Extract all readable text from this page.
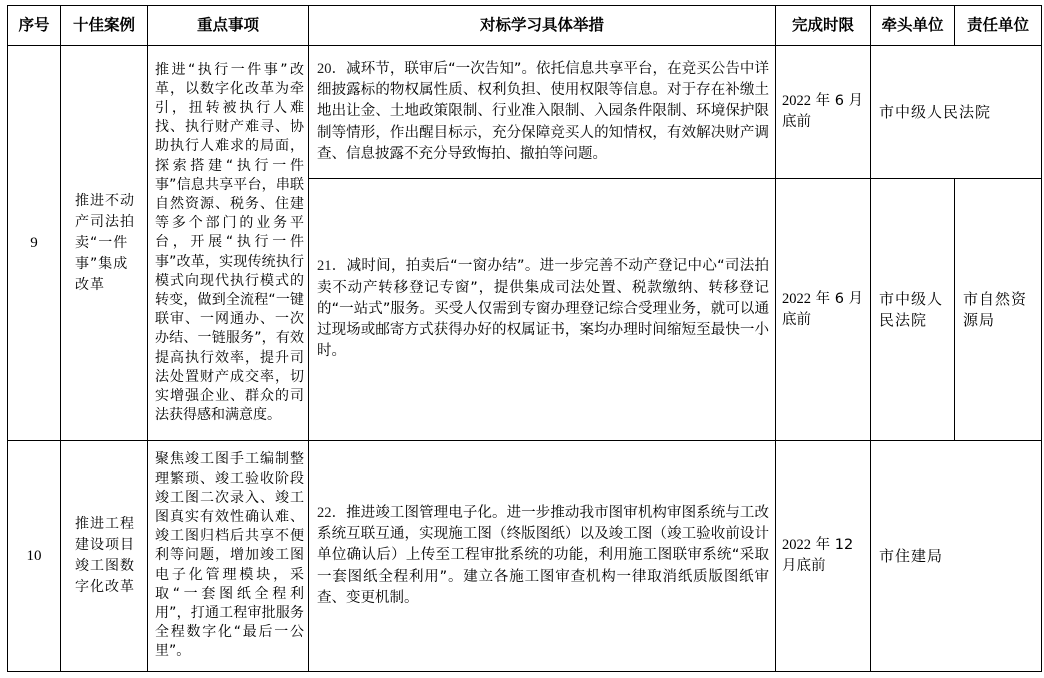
序号	十佳案例	重点事项	对标学习具体举措	完成时限	牵头单位	责任单位
9	推进不动产司法拍卖“一件事”集成改革	推进“执行一件事”改革，以数字化改革为牵引，扭转被执行人难找、执行财产难寻、协助执行人难求的局面，探索搭建“执行一件事”信息共享平台，串联自然资源、税务、住建等多个部门的业务平台，开展“执行一件事”改革，实现传统执行模式向现代执行模式的转变，做到全流程“一键联审、一网通办、一次办结、一链服务”，有效提高执行效率，提升司法处置财产成交率，切实增强企业、群众的司法获得感和满意度。	20．减环节，联审后“一次告知”。依托信息共享平台，在竞买公告中详细披露标的物权属性质、权利负担、使用权限等信息。对于存在补缴土地出让金、土地政策限制、行业准入限制、入园条件限制、环境保护限制等情形，作出醒目标示，充分保障竞买人的知情权，有效解决财产调查、信息披露不充分导致悔拍、撤拍等问题。	2022 年 6 月底前	市中级人民法院	
			21．减时间，拍卖后“一窗办结”。进一步完善不动产登记中心“司法拍卖不动产转移登记专窗”，提供集成司法处置、税款缴纳、转移登记的“一站式”服务。买受人仅需到专窗办理登记综合受理业务，就可以通过现场或邮寄方式获得办好的权属证书，案均办理时间缩短至最快一小时。	2022 年 6 月底前	市中级人民法院	市自然资源局
10	推进工程建设项目竣工图数字化改革	聚焦竣工图手工编制整理繁琐、竣工验收阶段竣工图二次录入、竣工图真实有效性确认难、竣工图归档后共享不便利等问题，增加竣工图电子化管理模块，采取“一套图纸全程利用”，打通工程审批服务全程数字化“最后一公里”。	22．推进竣工图管理电子化。进一步推动我市图审机构审图系统与工改系统互联互通，实现施工图（终版图纸）以及竣工图（竣工验收前设计单位确认后）上传至工程审批系统的功能，利用施工图联审系统“采取一套图纸全程利用”。建立各施工图审查机构一律取消纸质版图纸审查、变更机制。	2022 年 12 月底前	市住建局	
